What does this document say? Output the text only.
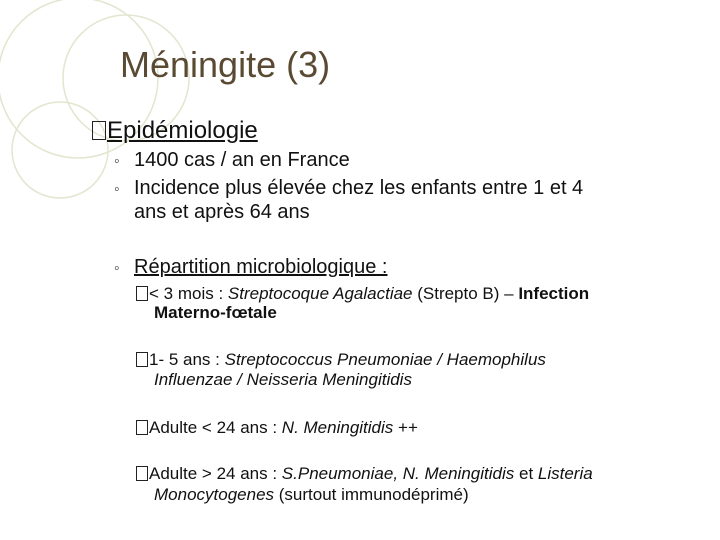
Méningite (3)
Epidémiologie
◦ 1400 cas / an en France
◦ Incidence plus élevée chez les enfants entre 1 et 4
ans et après 64 ans
◦ Répartition microbiologique :
< 3 mois : Streptocoque Agalactiae (Strepto B) – Infection
Materno-fœtale
1- 5 ans : Streptococcus Pneumoniae / Haemophilus
Influenzae / Neisseria Meningitidis
Adulte < 24 ans : N. Meningitidis ++
Adulte > 24 ans : S.Pneumoniae, N. Meningitidis et Listeria
Monocytogenes (surtout immunodéprimé)
